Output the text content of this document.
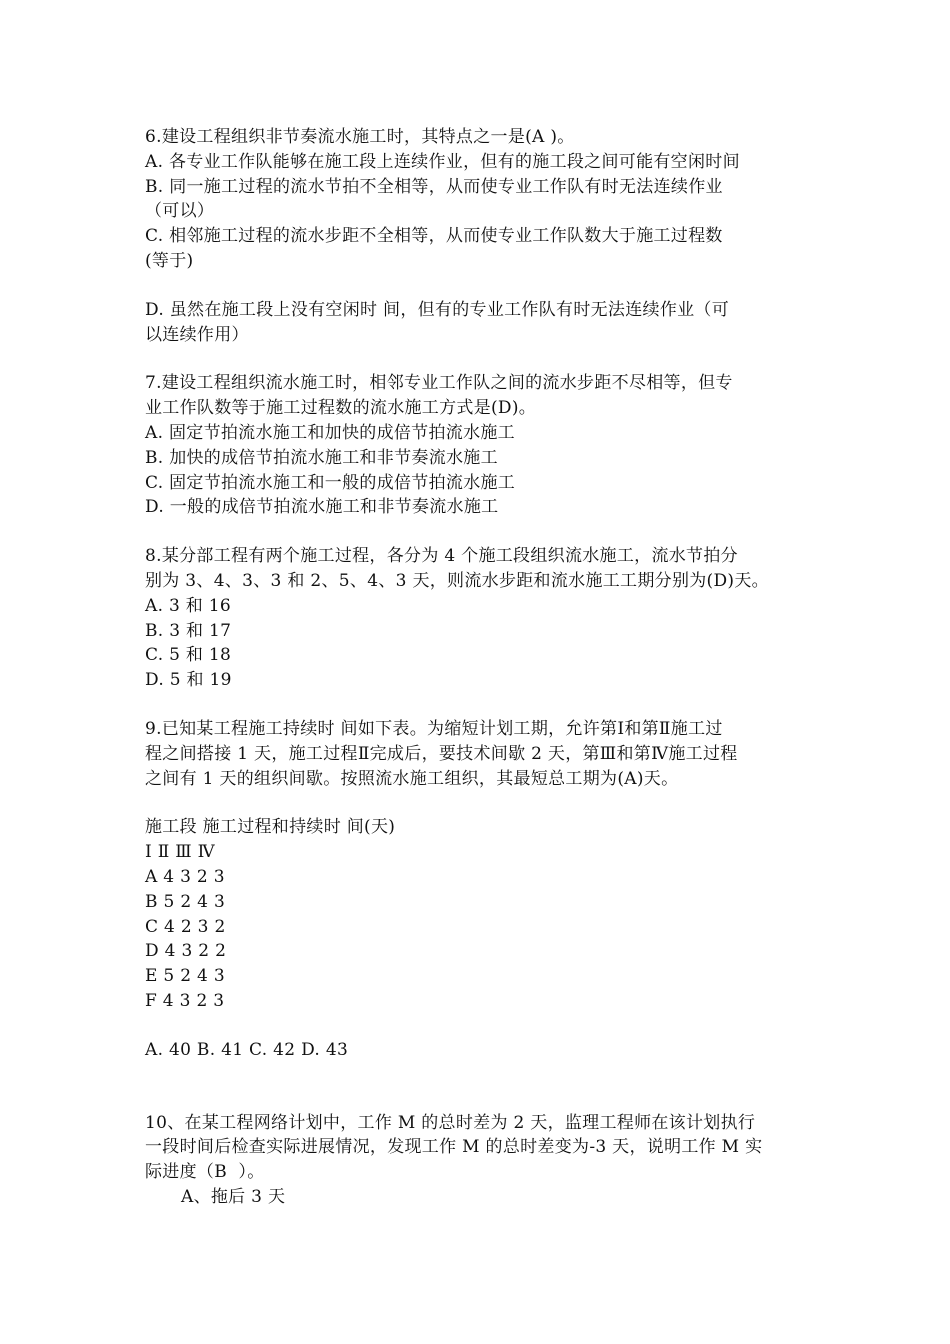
6.建设工程组织非节奏流水施工时，其特点之一是(A )。
A. 各专业工作队能够在施工段上连续作业，但有的施工段之间可能有空闲时间
B. 同一施工过程的流水节拍不全相等，从而使专业工作队有时无法连续作业
（可以）
C. 相邻施工过程的流水步距不全相等，从而使专业工作队数大于施工过程数
(等于)
D. 虽然在施工段上没有空闲时 间，但有的专业工作队有时无法连续作业（可
以连续作用）
7.建设工程组织流水施工时，相邻专业工作队之间的流水步距不尽相等，但专
业工作队数等于施工过程数的流水施工方式是(D)。
A. 固定节拍流水施工和加快的成倍节拍流水施工
B. 加快的成倍节拍流水施工和非节奏流水施工
C. 固定节拍流水施工和一般的成倍节拍流水施工
D. 一般的成倍节拍流水施工和非节奏流水施工
8.某分部工程有两个施工过程，各分为 4 个施工段组织流水施工，流水节拍分
别为 3、4、3、3 和 2、5、4、3 天，则流水步距和流水施工工期分别为(D)天。
A. 3 和 16
B. 3 和 17
C. 5 和 18
D. 5 和 19
9.已知某工程施工持续时 间如下表。为缩短计划工期，允许第Ⅰ和第Ⅱ施工过
程之间搭接 1 天，施工过程Ⅱ完成后，要技术间歇 2 天，第Ⅲ和第Ⅳ施工过程
之间有 1 天的组织间歇。按照流水施工组织，其最短总工期为(A)天。
施工段 施工过程和持续时 间(天)
Ⅰ Ⅱ Ⅲ Ⅳ
A 4 3 2 3
B 5 2 4 3
C 4 2 3 2
D 4 3 2 2
E 5 2 4 3
F 4 3 2 3
A. 40 B. 41 C. 42 D. 43
10、在某工程网络计划中，工作 M 的总时差为 2 天，监理工程师在该计划执行
一段时间后检查实际进展情况，发现工作 M 的总时差变为-3 天，说明工作 M 实
际进度（B  ）。
A、拖后 3 天
